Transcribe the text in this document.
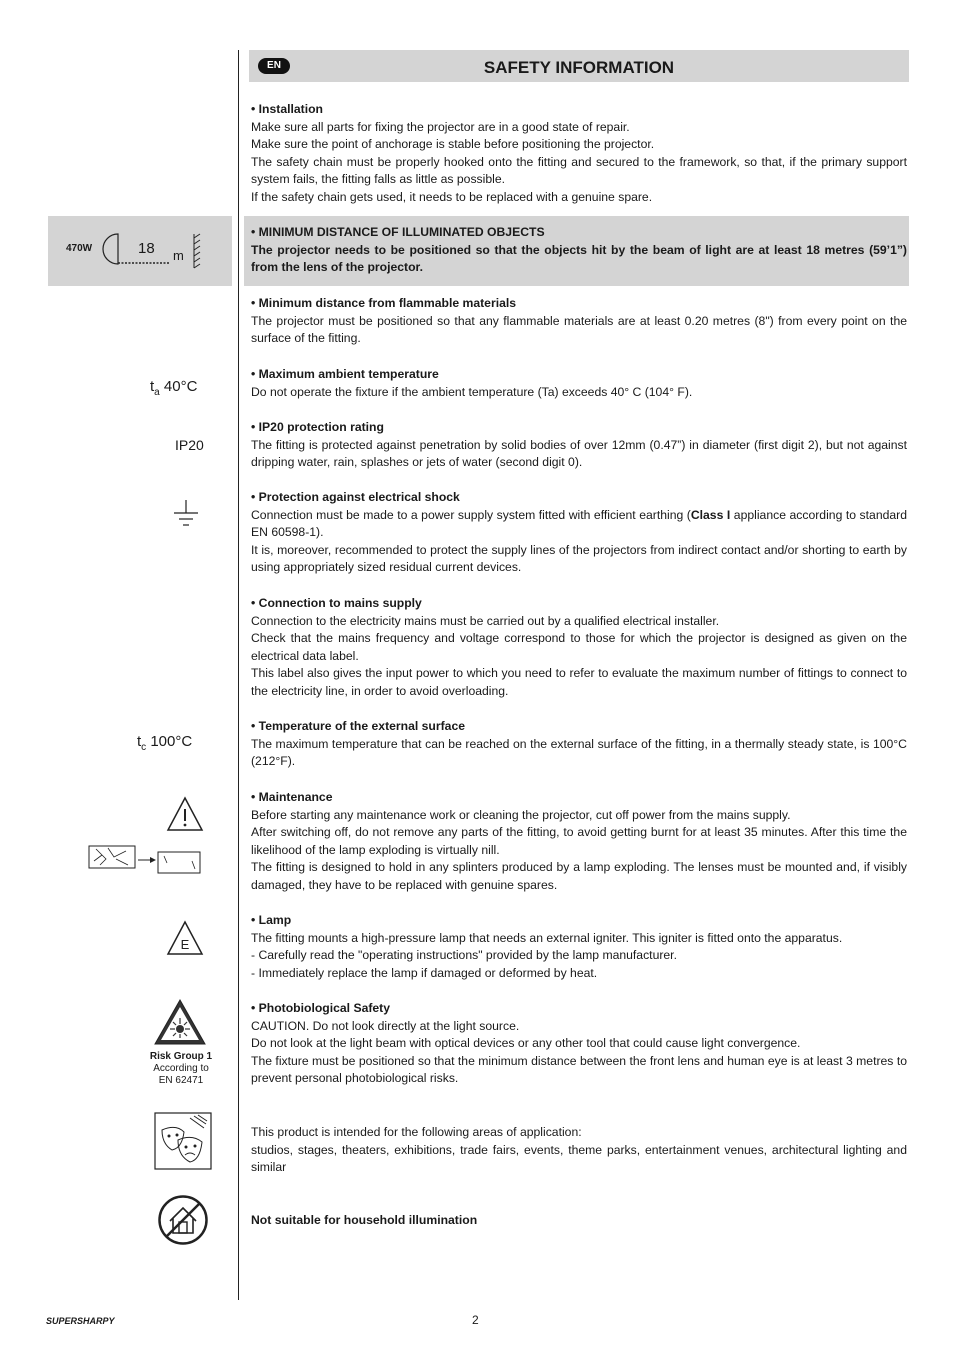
EN	SAFETY INFORMATION
470W	18 m
$t_a$ 40°C
IP20
$t_c$ 100°C
E
Risk Group 1
According to
EN 62471

• Installation

Make sure all parts for fixing the projector are in a good state of repair.

Make sure the point of anchorage is stable before positioning the projector.

The safety chain must be properly hooked onto the fitting and secured to the framework, so that, if the primary support system fails, the fitting falls as little as possible.

If the safety chain gets used, it needs to be replaced with a genuine spare.

• MINIMUM DISTANCE OF ILLUMINATED OBJECTS

The projector needs to be positioned so that the objects hit by the beam of light are at least 18 metres (59’1”) from the lens of the projector.

• Minimum distance from flammable materials

The projector must be positioned so that any flammable materials are at least 0.20 metres (8") from every point on the surface of the fitting.

• Maximum ambient temperature

Do not operate the fixture if the ambient temperature (Ta) exceeds 40° C (104° F).

• IP20 protection rating

The fitting is protected against penetration by solid bodies of over 12mm (0.47”) in diameter (first digit 2), but not against dripping water, rain, splashes or jets of water (second digit 0).

• Protection against electrical shock

Connection must be made to a power supply system fitted with efficient earthing (Class I appliance according to standard EN 60598-1).

It is, moreover, recommended to protect the supply lines of the projectors from indirect contact and/or shorting to earth by using appropriately sized residual current devices.

• Connection to mains supply

Connection to the electricity mains must be carried out by a qualified electrical installer.

Check that the mains frequency and voltage correspond to those for which the projector is designed as given on the electrical data label.

This label also gives the input power to which you need to refer to evaluate the maximum number of fittings to connect to the electricity line, in order to avoid overloading.

• Temperature of the external surface

The maximum temperature that can be reached on the external surface of the fitting, in a thermally steady state, is 100°C (212°F).

• Maintenance

Before starting any maintenance work or cleaning the projector, cut off power from the mains supply.

After switching off, do not remove any parts of the fitting, to avoid getting burnt for at least 35 minutes. After this time the likelihood of the lamp exploding is virtually nill.

The fitting is designed to hold in any splinters produced by a lamp exploding. The lenses must be mounted and, if visibly damaged, they have to be replaced with genuine spares.

• Lamp

The fitting mounts a high-pressure lamp that needs an external igniter. This igniter is fitted onto the apparatus.

- Carefully read the "operating instructions" provided by the lamp manufacturer.

- Immediately replace the lamp if damaged or deformed by heat.

• Photobiological Safety

CAUTION. Do not look directly at the light source.

Do not look at the light beam with optical devices or any other tool that could cause light convergence.

The fixture must be positioned so that the minimum distance between the front lens and human eye is at least 3 metres to prevent personal photobiological risks.

This product is intended for the following areas of application:

studios, stages, theaters, exhibitions, trade fairs, events, theme parks, entertainment venues, architectural lighting and similar

Not suitable for household illumination

SUPERSHARPY	2
